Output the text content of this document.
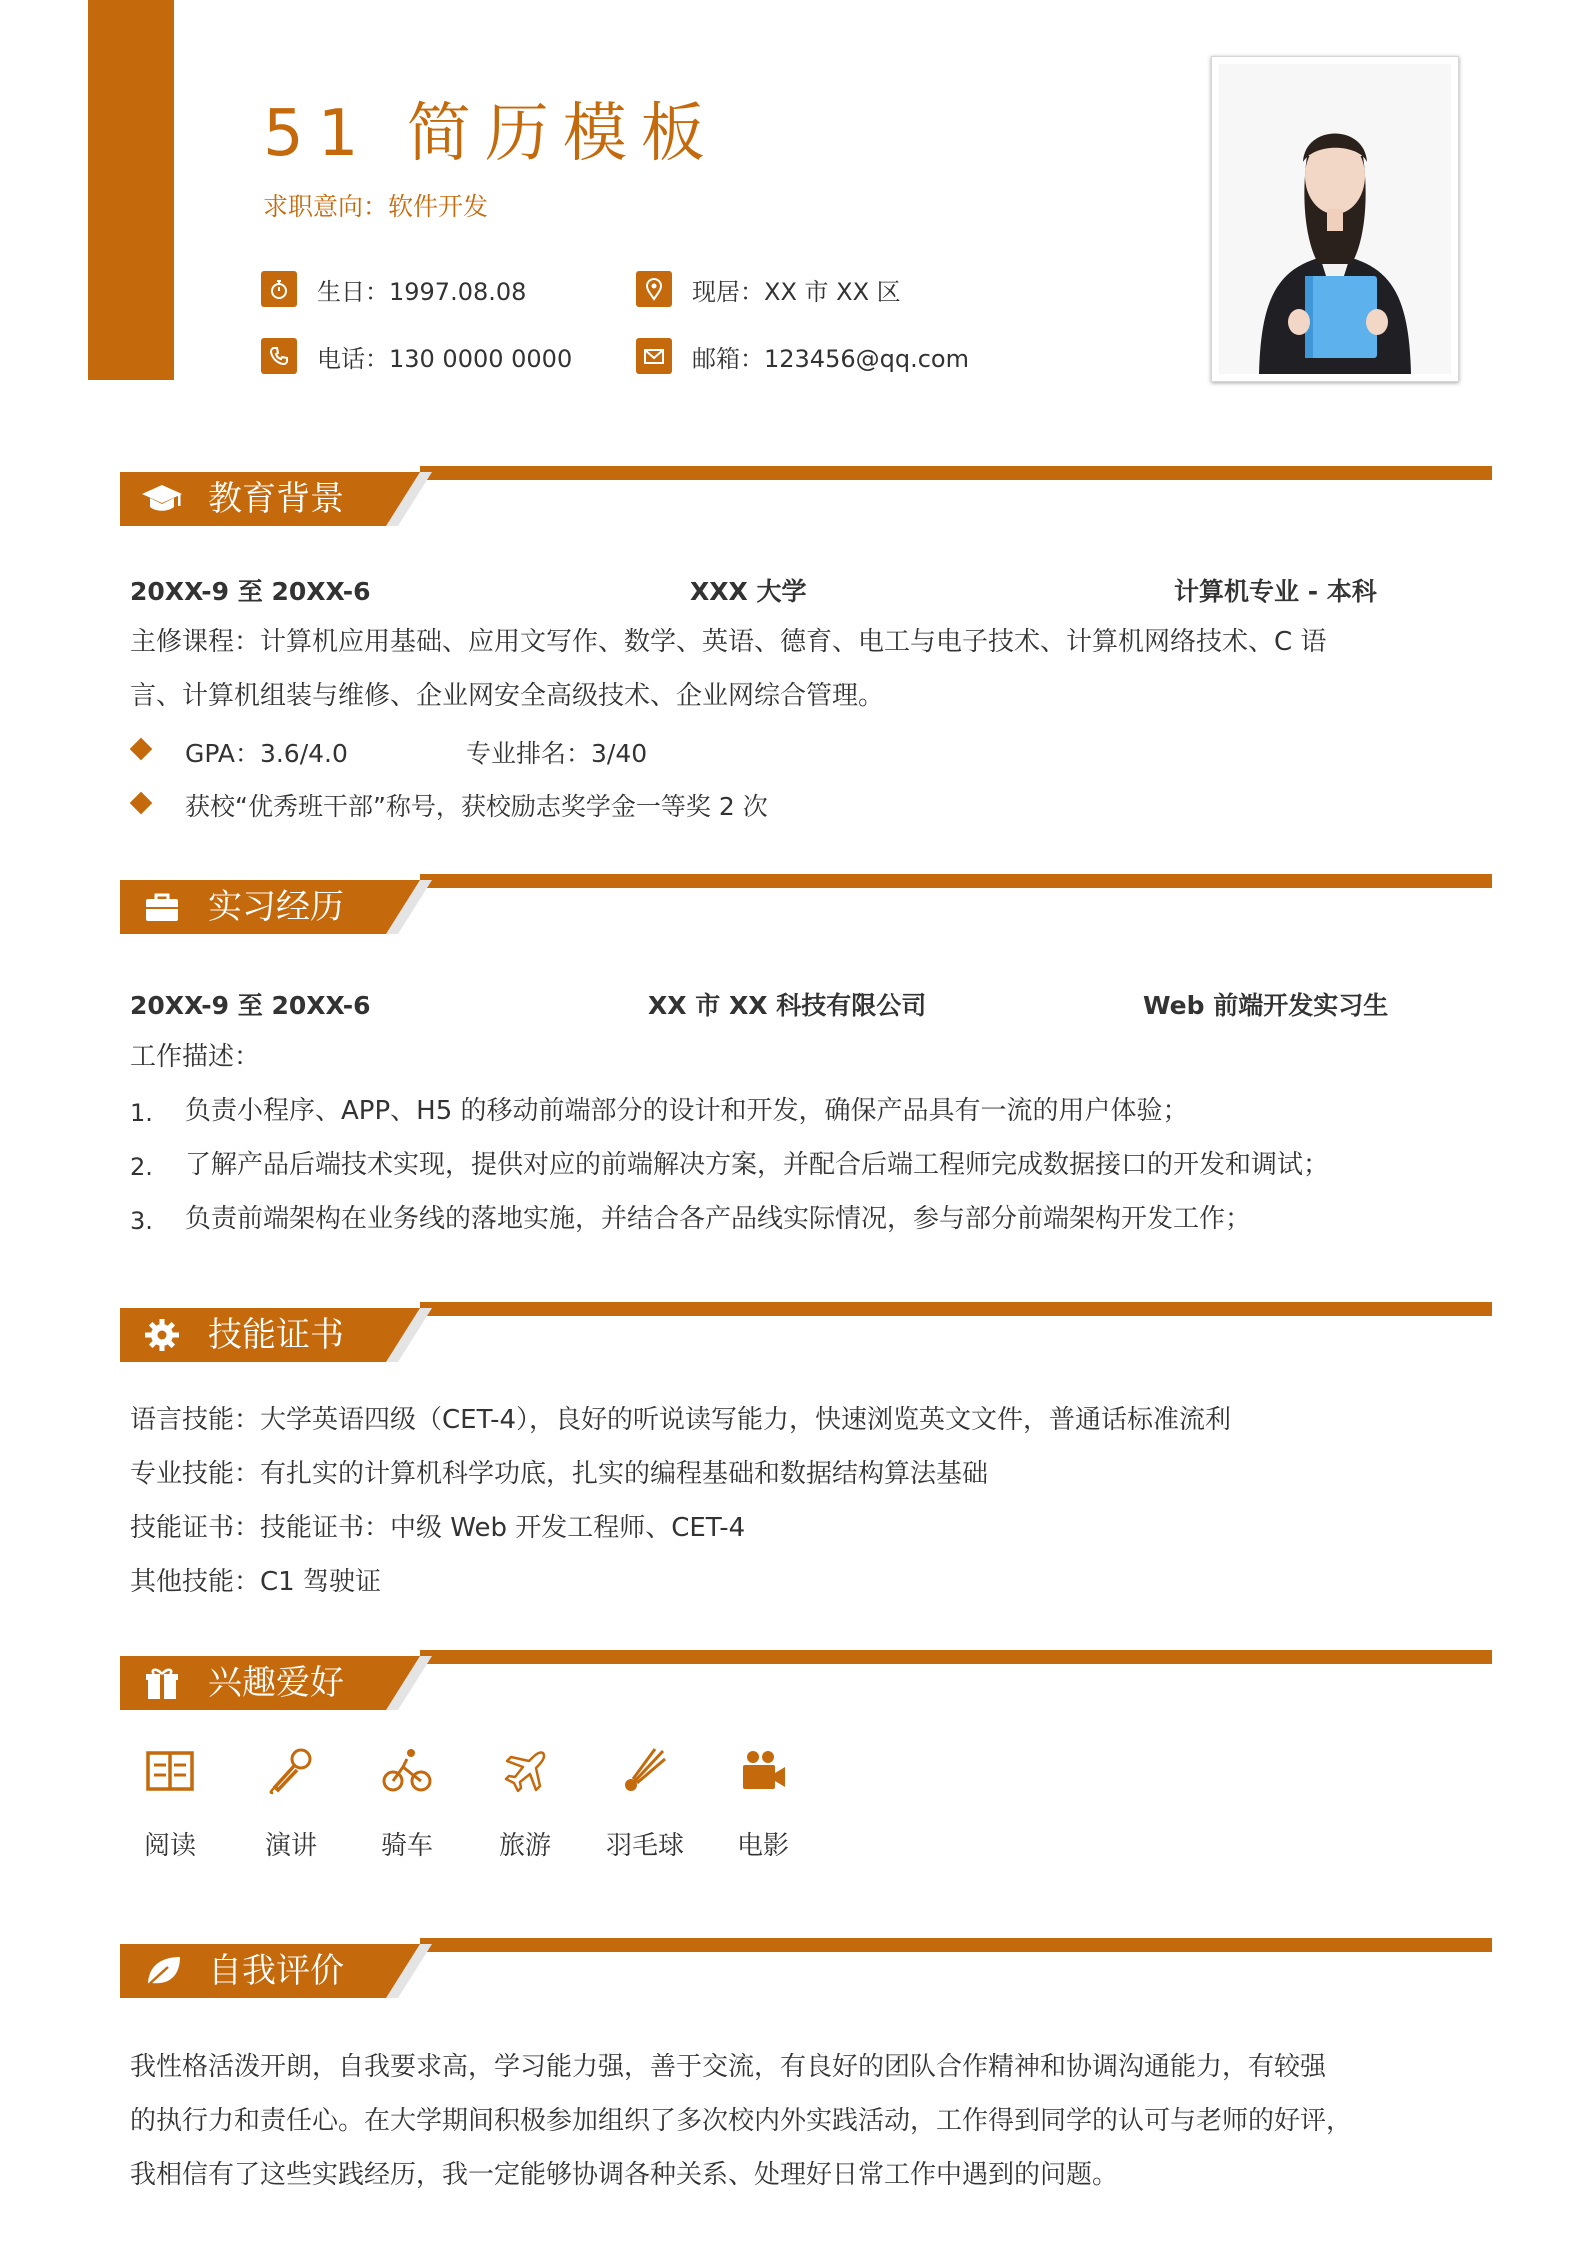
51 简历模板
求职意向：软件开发
生日：1997.08.08	现居：XX 市 XX 区
电话：130 0000 0000	邮箱：123456@qq.com
教育背景
20XX-9 至 20XX-6	XXX 大学	计算机专业 - 本科
主修课程：计算机应用基础、应用文写作、数学、英语、德育、电工与电子技术、计算机网络技术、C 语
言、计算机组装与维修、企业网安全高级技术、企业网综合管理。
GPA：3.6/4.0	专业排名：3/40
获校“优秀班干部”称号，获校励志奖学金一等奖 2 次
实习经历
20XX-9 至 20XX-6	XX 市 XX 科技有限公司	Web 前端开发实习生
工作描述：
1. 负责小程序、APP、H5 的移动前端部分的设计和开发，确保产品具有一流的用户体验；
2. 了解产品后端技术实现，提供对应的前端解决方案，并配合后端工程师完成数据接口的开发和调试；
3. 负责前端架构在业务线的落地实施，并结合各产品线实际情况，参与部分前端架构开发工作；
技能证书
语言技能：大学英语四级（CET-4），良好的听说读写能力，快速浏览英文文件，普通话标准流利
专业技能：有扎实的计算机科学功底，扎实的编程基础和数据结构算法基础
技能证书：技能证书：中级 Web 开发工程师、CET-4
其他技能：C1 驾驶证
兴趣爱好
阅读	演讲	骑车	旅游	羽毛球	电影
自我评价
我性格活泼开朗，自我要求高，学习能力强，善于交流，有良好的团队合作精神和协调沟通能力，有较强
的执行力和责任心。在大学期间积极参加组织了多次校内外实践活动，工作得到同学的认可与老师的好评，
我相信有了这些实践经历，我一定能够协调各种关系、处理好日常工作中遇到的问题。
